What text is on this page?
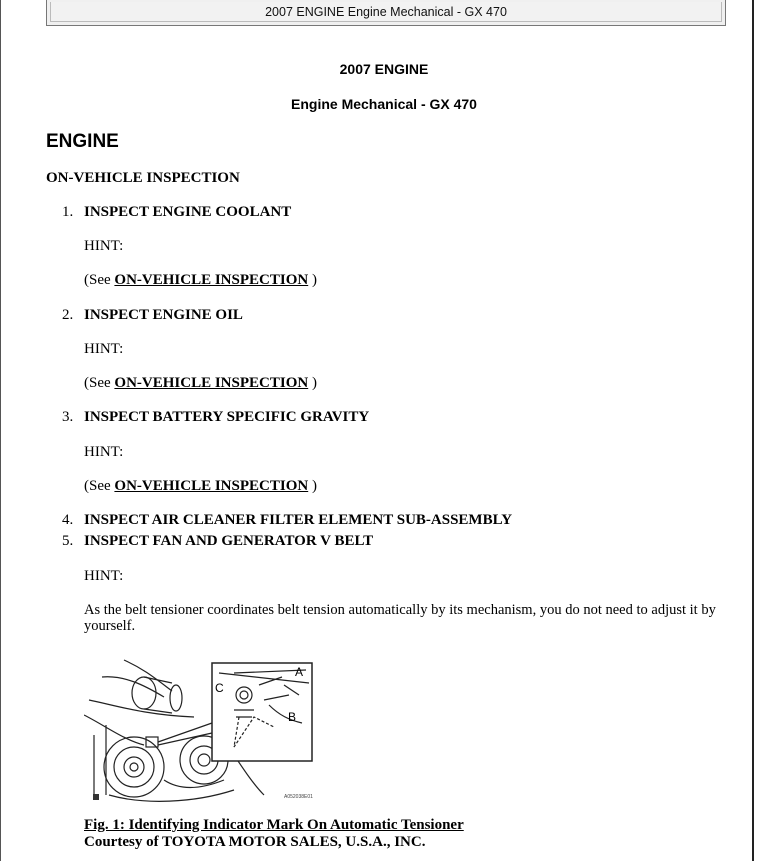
2007 ENGINE Engine Mechanical - GX 470
2007 ENGINE
Engine Mechanical - GX 470
ENGINE
ON-VEHICLE INSPECTION
1. INSPECT ENGINE COOLANT
HINT:
(See ON-VEHICLE INSPECTION )
2. INSPECT ENGINE OIL
HINT:
(See ON-VEHICLE INSPECTION )
3. INSPECT BATTERY SPECIFIC GRAVITY
HINT:
(See ON-VEHICLE INSPECTION )
4. INSPECT AIR CLEANER FILTER ELEMENT SUB-ASSEMBLY
5. INSPECT FAN AND GENERATOR V BELT
HINT:
As the belt tensioner coordinates belt tension automatically by its mechanism, you do not need to adjust it by yourself.
A
B
C
A052038E01
Fig. 1: Identifying Indicator Mark On Automatic Tensioner
Courtesy of TOYOTA MOTOR SALES, U.S.A., INC.
